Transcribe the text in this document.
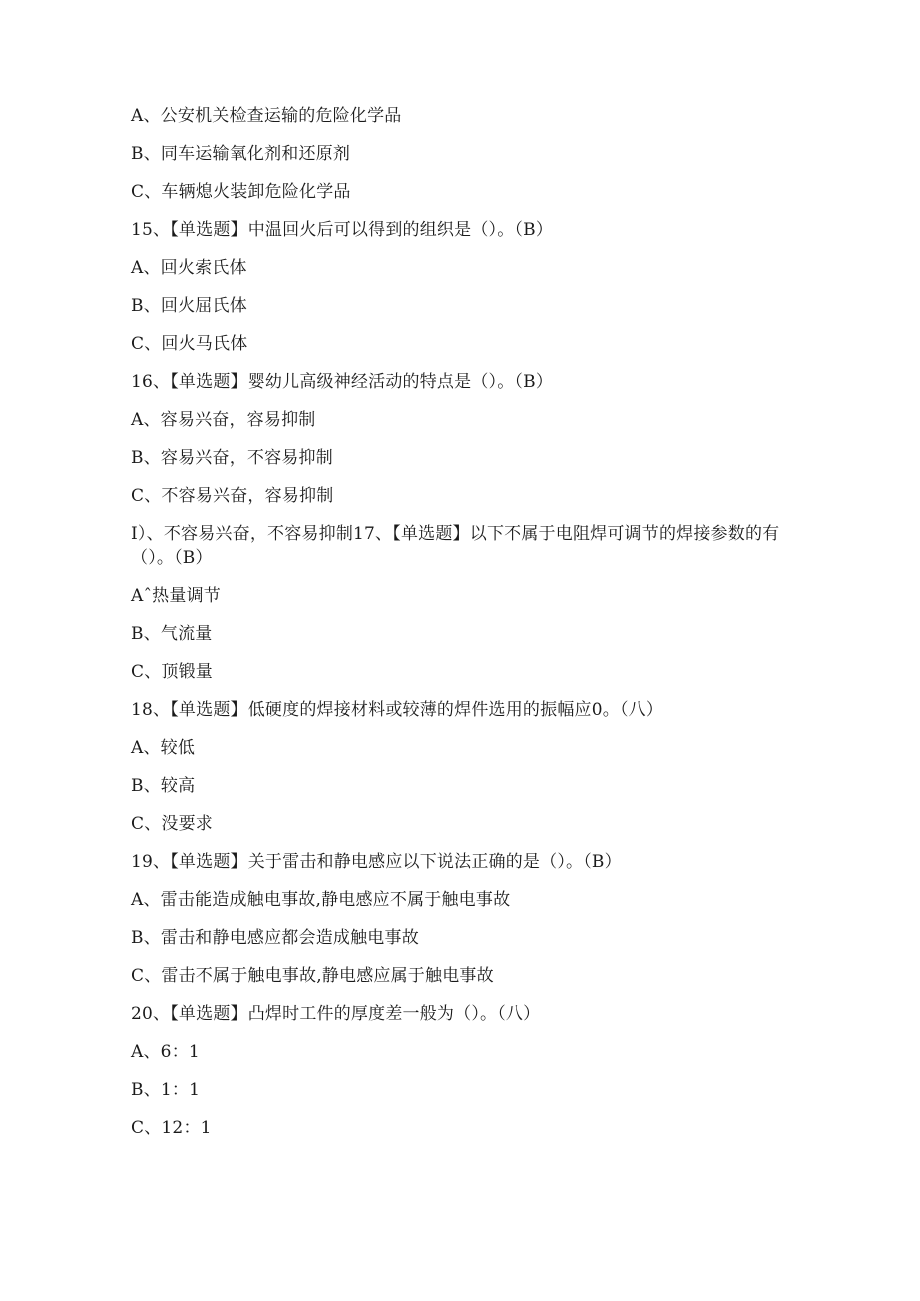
A、公安机关检查运输的危险化学品
B、同车运输氧化剂和还原剂
C、车辆熄火装卸危险化学品
15、【单选题】中温回火后可以得到的组织是（）。（B）
A、回火索氏体
B、回火屈氏体
C、回火马氏体
16、【单选题】婴幼儿高级神经活动的特点是（）。（B）
A、容易兴奋，容易抑制
B、容易兴奋，不容易抑制
C、不容易兴奋，容易抑制
I）、不容易兴奋，不容易抑制17、【单选题】以下不属于电阻焊可调节的焊接参数的有（）。（B）
Aˆ热量调节
B、气流量
C、顶锻量
18、【单选题】低硬度的焊接材料或较薄的焊件选用的振幅应0。（八）
A、较低
B、较高
C、没要求
19、【单选题】关于雷击和静电感应以下说法正确的是（）。（B）
A、雷击能造成触电事故,静电感应不属于触电事故
B、雷击和静电感应都会造成触电事故
C、雷击不属于触电事故,静电感应属于触电事故
20、【单选题】凸焊时工件的厚度差一般为（）。（八）
A、6：1
B、1：1
C、12：1
